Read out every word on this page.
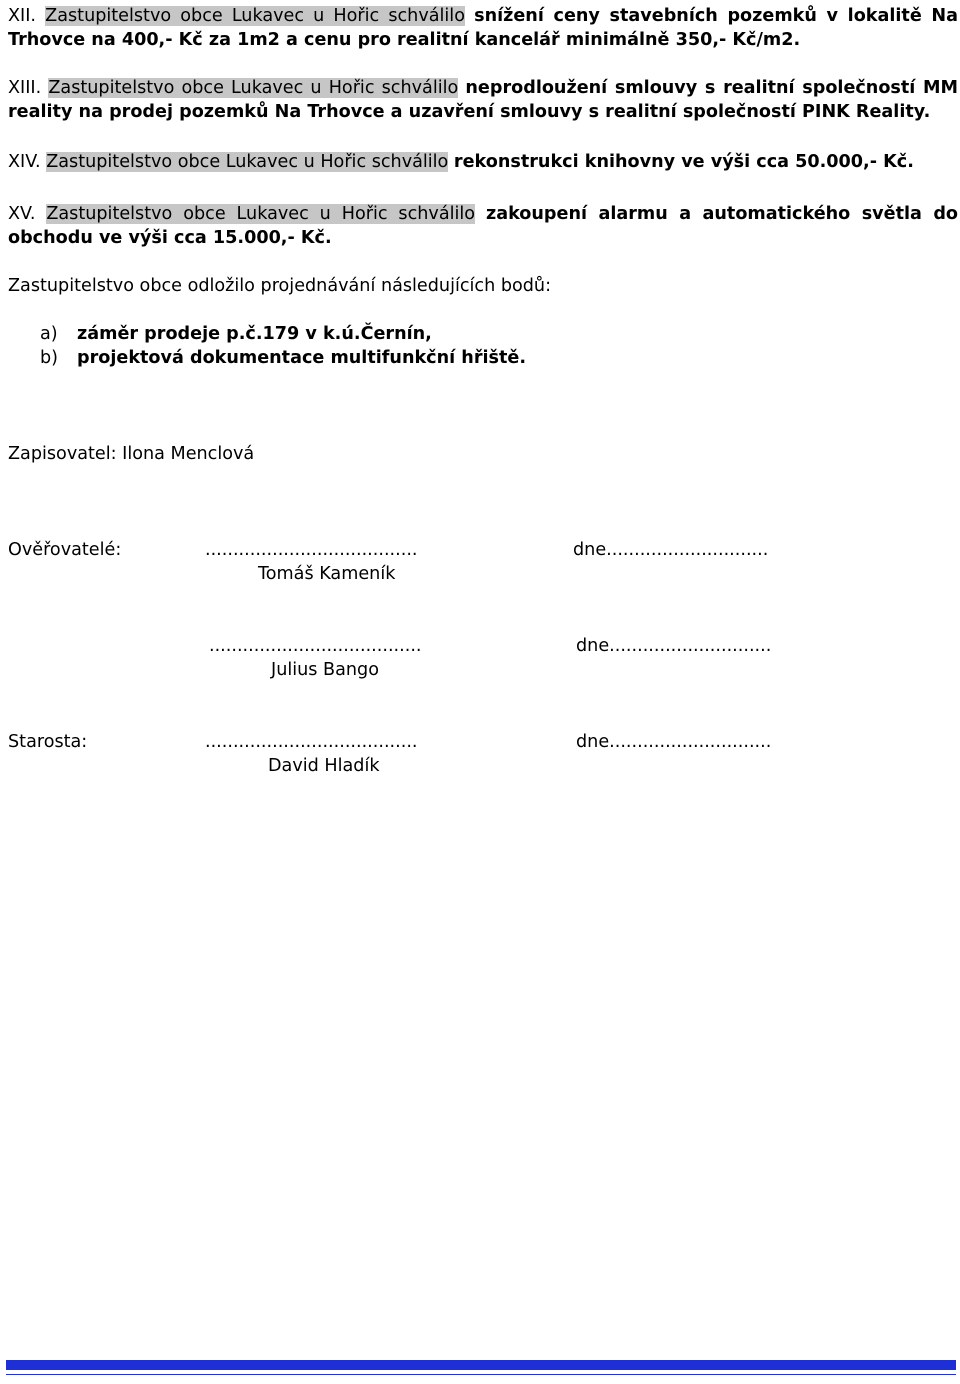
XII. Zastupitelstvo obce Lukavec u Hořic schválilo snížení ceny stavebních pozemků v lokalitě Na Trhovce na 400,- Kč za 1m2 a cenu pro realitní kancelář minimálně 350,- Kč/m2.

XIII. Zastupitelstvo obce Lukavec u Hořic schválilo neprodloužení smlouvy s realitní společností MM reality na prodej pozemků Na Trhovce a uzavření smlouvy s realitní společností PINK Reality.

XIV. Zastupitelstvo obce Lukavec u Hořic schválilo rekonstrukci knihovny ve výši cca 50.000,- Kč.

XV. Zastupitelstvo obce Lukavec u Hořic schválilo zakoupení alarmu a automatického světla do obchodu ve výši cca 15.000,- Kč.

Zastupitelstvo obce odložilo projednávání následujících bodů:

a) záměr prodeje p.č.179 v k.ú.Černín,

b) projektová dokumentace multifunkční hřiště.

Zapisovatel: Ilona Menclová

Ověřovatelé:	......................................	dne.............................

Tomáš Kameník

......................................	dne.............................

Julius Bango

Starosta:	......................................	dne.............................

David Hladík
